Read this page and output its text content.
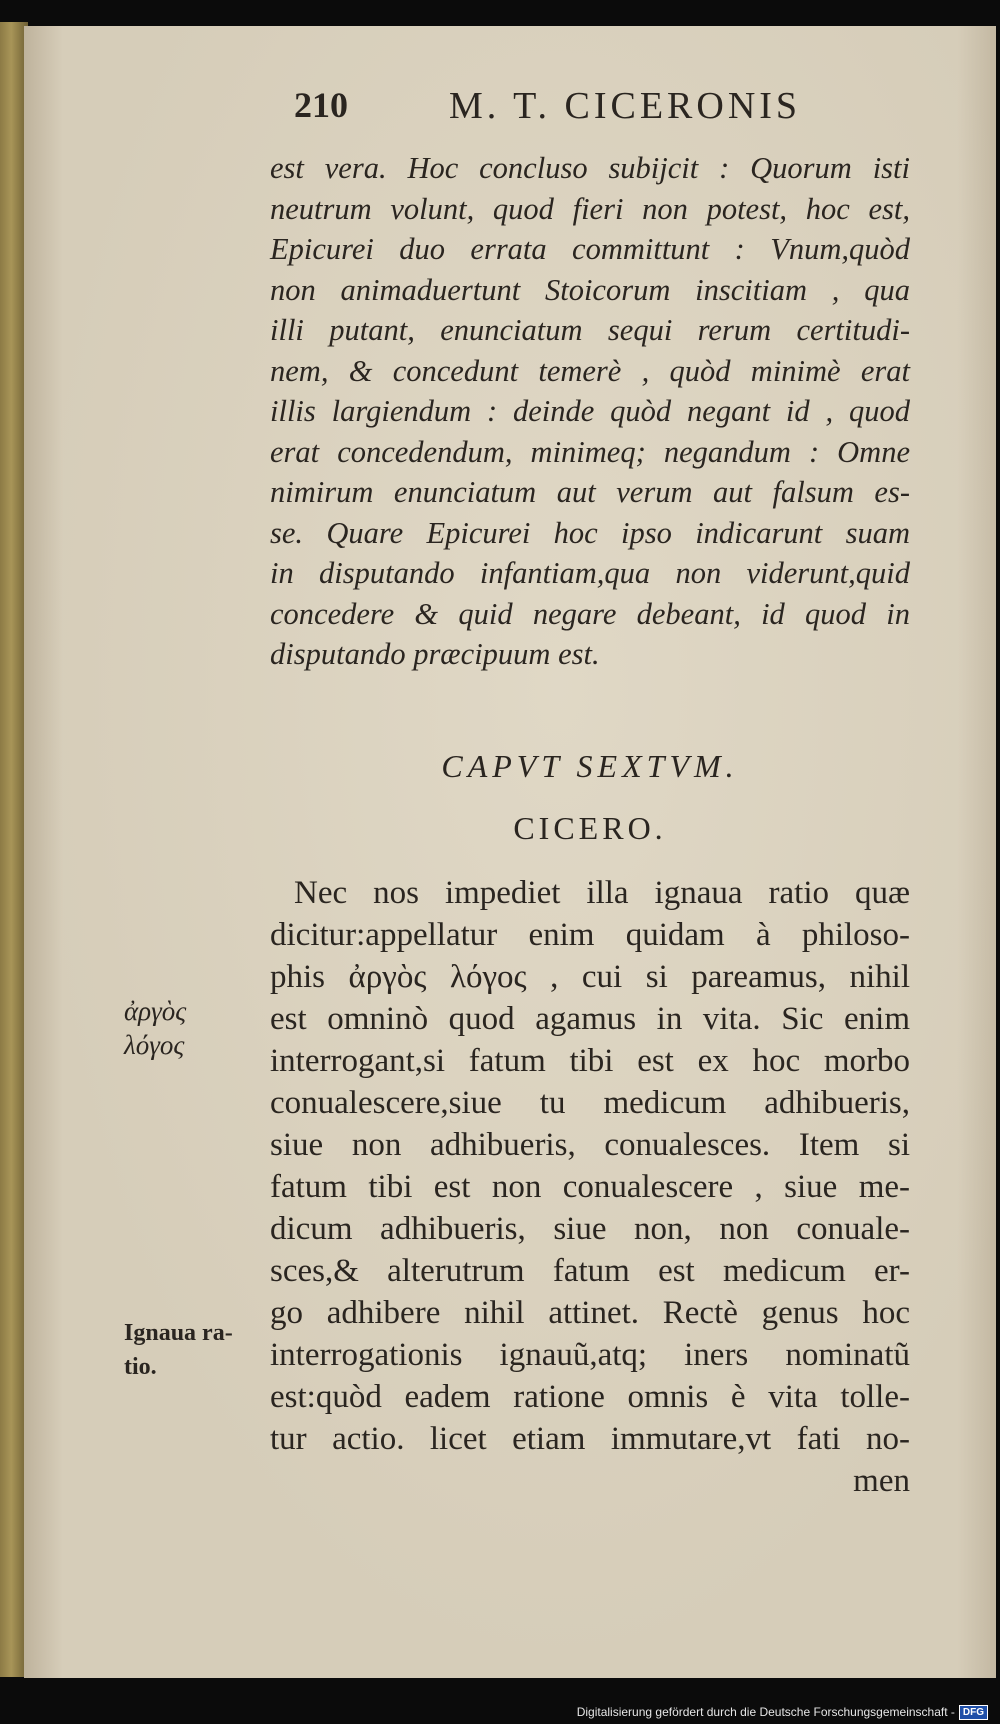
210	M. T. CICERONIS
est vera. Hoc concluso subijcit : Quorum isti
neutrum volunt, quod fieri non potest, hoc est,
Epicurei duo errata committunt : Vnum,quòd
non animaduertunt Stoicorum inscitiam , qua
illi putant, enunciatum sequi rerum certitudi-
nem, & concedunt temerè , quòd minimè erat
illis largiendum : deinde quòd negant id , quod
erat concedendum, minimeq; negandum : Omne
nimirum enunciatum aut verum aut falsum es-
se. Quare Epicurei hoc ipso indicarunt suam
in disputando infantiam,qua non viderunt,quid
concedere & quid negare debeant, id quod in
disputando præcipuum est.
CAPVT SEXTVM.
CICERO.
Nec nos impediet illa ignaua ratio quæ
dicitur:appellatur enim quidam à philoso-
phis ἀργὸς λόγος , cui si pareamus, nihil
est omninò quod agamus in vita. Sic enim
interrogant,si fatum tibi est ex hoc morbo
conualescere,siue tu medicum adhibueris,
siue non adhibueris, conualesces. Item si
fatum tibi est non conualescere , siue me-
dicum adhibueris, siue non, non conuale-
sces,& alterutrum fatum est medicum er-
go adhibere nihil attinet. Rectè genus hoc
interrogationis ignauũ,atq; iners nominatũ
est:quòd eadem ratione omnis è vita tolle-
tur actio. licet etiam immutare,vt fati no-
men
ἀργὸς
λόγος
Ignaua ra-
tio.
Digitalisierung gefördert durch die Deutsche Forschungsgemeinschaft - DFG
